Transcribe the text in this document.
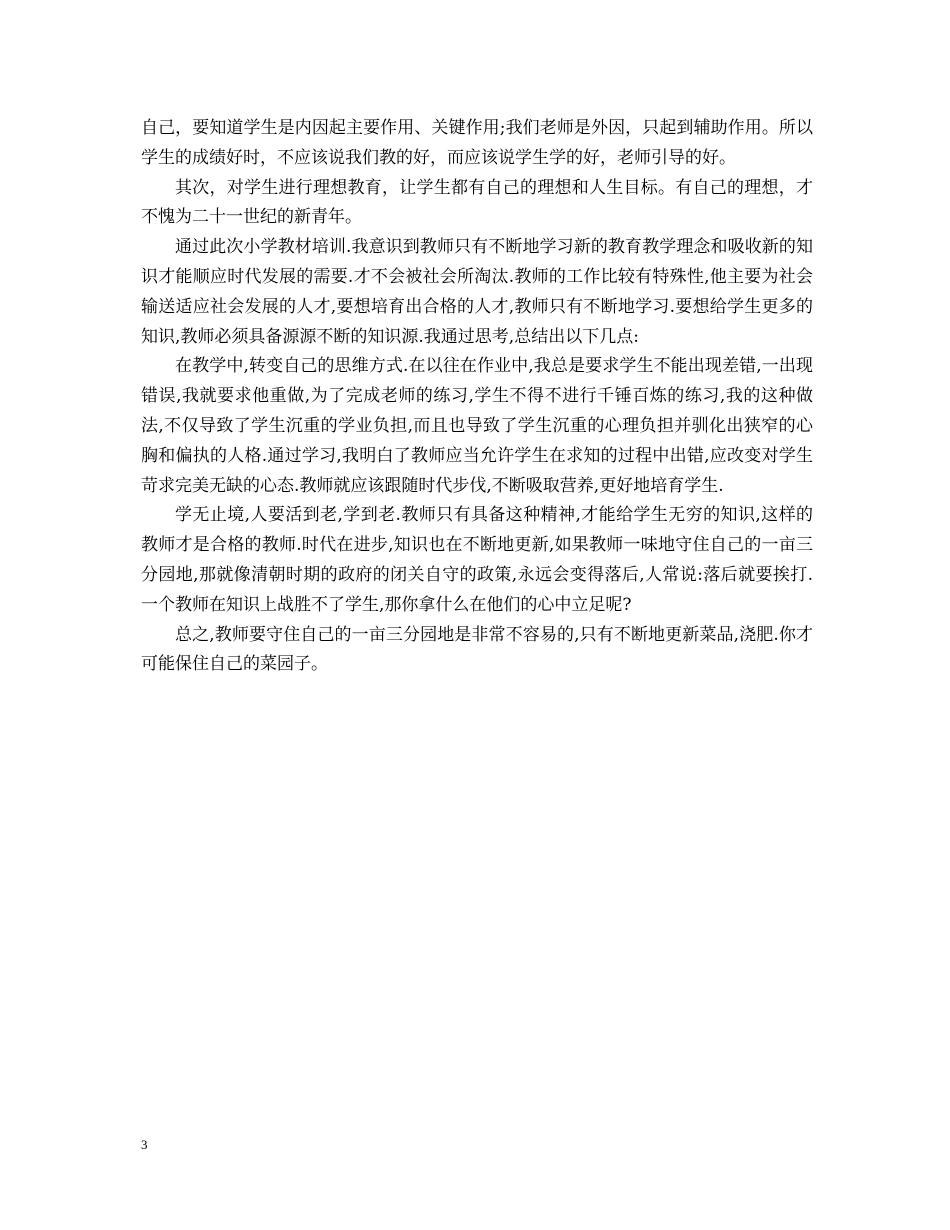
自己，要知道学生是内因起主要作用、关键作用;我们老师是外因，只起到辅助作用。所以学生的成绩好时，不应该说我们教的好，而应该说学生学的好，老师引导的好。

其次，对学生进行理想教育，让学生都有自己的理想和人生目标。有自己的理想，才不愧为二十一世纪的新青年。

通过此次小学教材培训.我意识到教师只有不断地学习新的教育教学理念和吸收新的知识才能顺应时代发展的需要.才不会被社会所淘汰.教师的工作比较有特殊性,他主要为社会输送适应社会发展的人才,要想培育出合格的人才,教师只有不断地学习.要想给学生更多的知识,教师必须具备源源不断的知识源.我通过思考,总结出以下几点:

在教学中,转变自己的思维方式.在以往在作业中,我总是要求学生不能出现差错,一出现错误,我就要求他重做,为了完成老师的练习,学生不得不进行千锤百炼的练习,我的这种做法,不仅导致了学生沉重的学业负担,而且也导致了学生沉重的心理负担并驯化出狭窄的心胸和偏执的人格.通过学习,我明白了教师应当允许学生在求知的过程中出错,应改变对学生苛求完美无缺的心态.教师就应该跟随时代步伐,不断吸取营养,更好地培育学生.

学无止境,人要活到老,学到老.教师只有具备这种精神,才能给学生无穷的知识,这样的教师才是合格的教师.时代在进步,知识也在不断地更新,如果教师一味地守住自己的一亩三分园地,那就像清朝时期的政府的闭关自守的政策,永远会变得落后,人常说:落后就要挨打.一个教师在知识上战胜不了学生,那你拿什么在他们的心中立足呢?

总之,教师要守住自己的一亩三分园地是非常不容易的,只有不断地更新菜品,浇肥.你才可能保住自己的菜园子。

3
